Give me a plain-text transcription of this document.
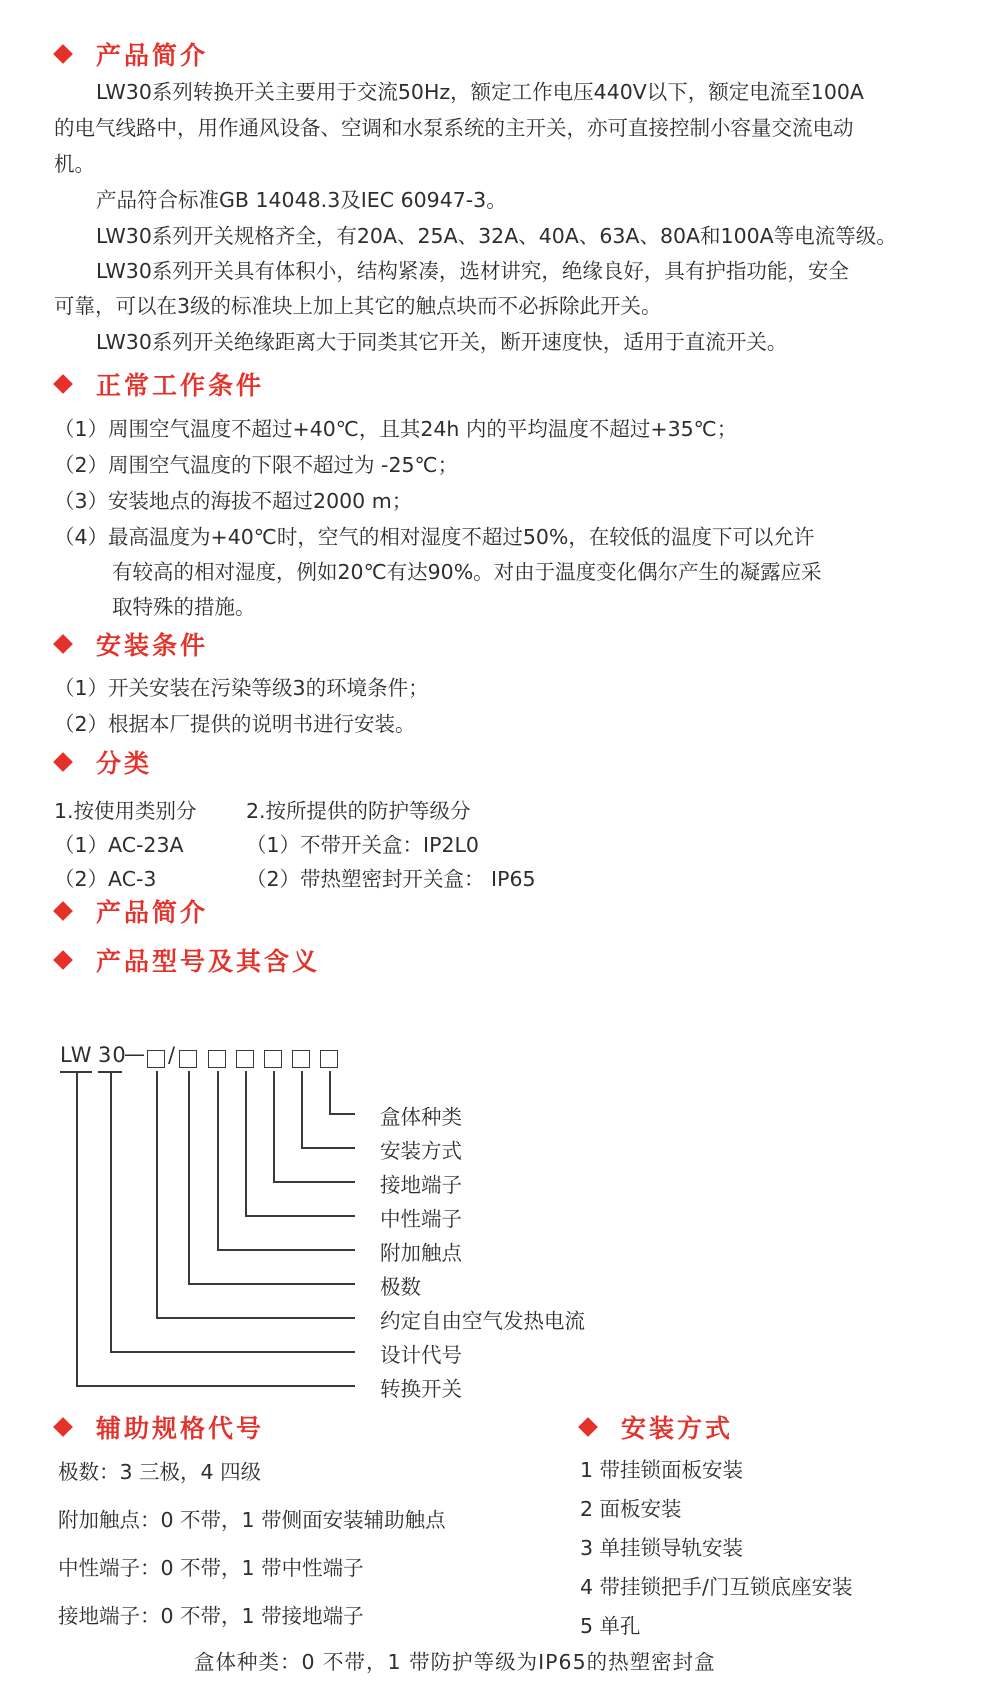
产品简介
LW30系列转换开关主要用于交流50Hz，额定工作电压440V以下，额定电流至100A
的电气线路中，用作通风设备、空调和水泵系统的主开关，亦可直接控制小容量交流电动
机。
产品符合标准GB 14048.3及IEC 60947-3。
LW30系列开关规格齐全，有20A、25A、32A、40A、63A、80A和100A等电流等级。
LW30系列开关具有体积小，结构紧凑，选材讲究，绝缘良好，具有护指功能，安全
可靠，可以在3级的标准块上加上其它的触点块而不必拆除此开关。
LW30系列开关绝缘距离大于同类其它开关，断开速度快，适用于直流开关。
正常工作条件
（1）周围空气温度不超过+40℃，且其24h 内的平均温度不超过+35℃；
（2）周围空气温度的下限不超过为 -25℃；
（3）安装地点的海拔不超过2000 m；
（4）最高温度为+40℃时，空气的相对湿度不超过50%，在较低的温度下可以允许
有较高的相对湿度，例如20℃有达90%。对由于温度变化偶尔产生的凝露应采
取特殊的措施。
安装条件
（1）开关安装在污染等级3的环境条件；
（2）根据本厂提供的说明书进行安装。
分类
1.按使用类别分
（1）AC-23A
（2）AC-3
2.按所提供的防护等级分
（1）不带开关盒：IP2L0
（2）带热塑密封开关盒： IP65
产品简介
产品型号及其含义
LW 30
— /
盒体种类
安装方式
接地端子
中性端子
附加触点
极数
约定自由空气发热电流
设计代号
转换开关
辅助规格代号
极数：3 三极，4 四级
附加触点：0 不带，1 带侧面安装辅助触点
中性端子：0 不带，1 带中性端子
接地端子：0 不带，1 带接地端子
安装方式
1 带挂锁面板安装
2 面板安装
3 单挂锁导轨安装
4 带挂锁把手/门互锁底座安装
5 单孔
盒体种类：0 不带，1 带防护等级为IP65的热塑密封盒
